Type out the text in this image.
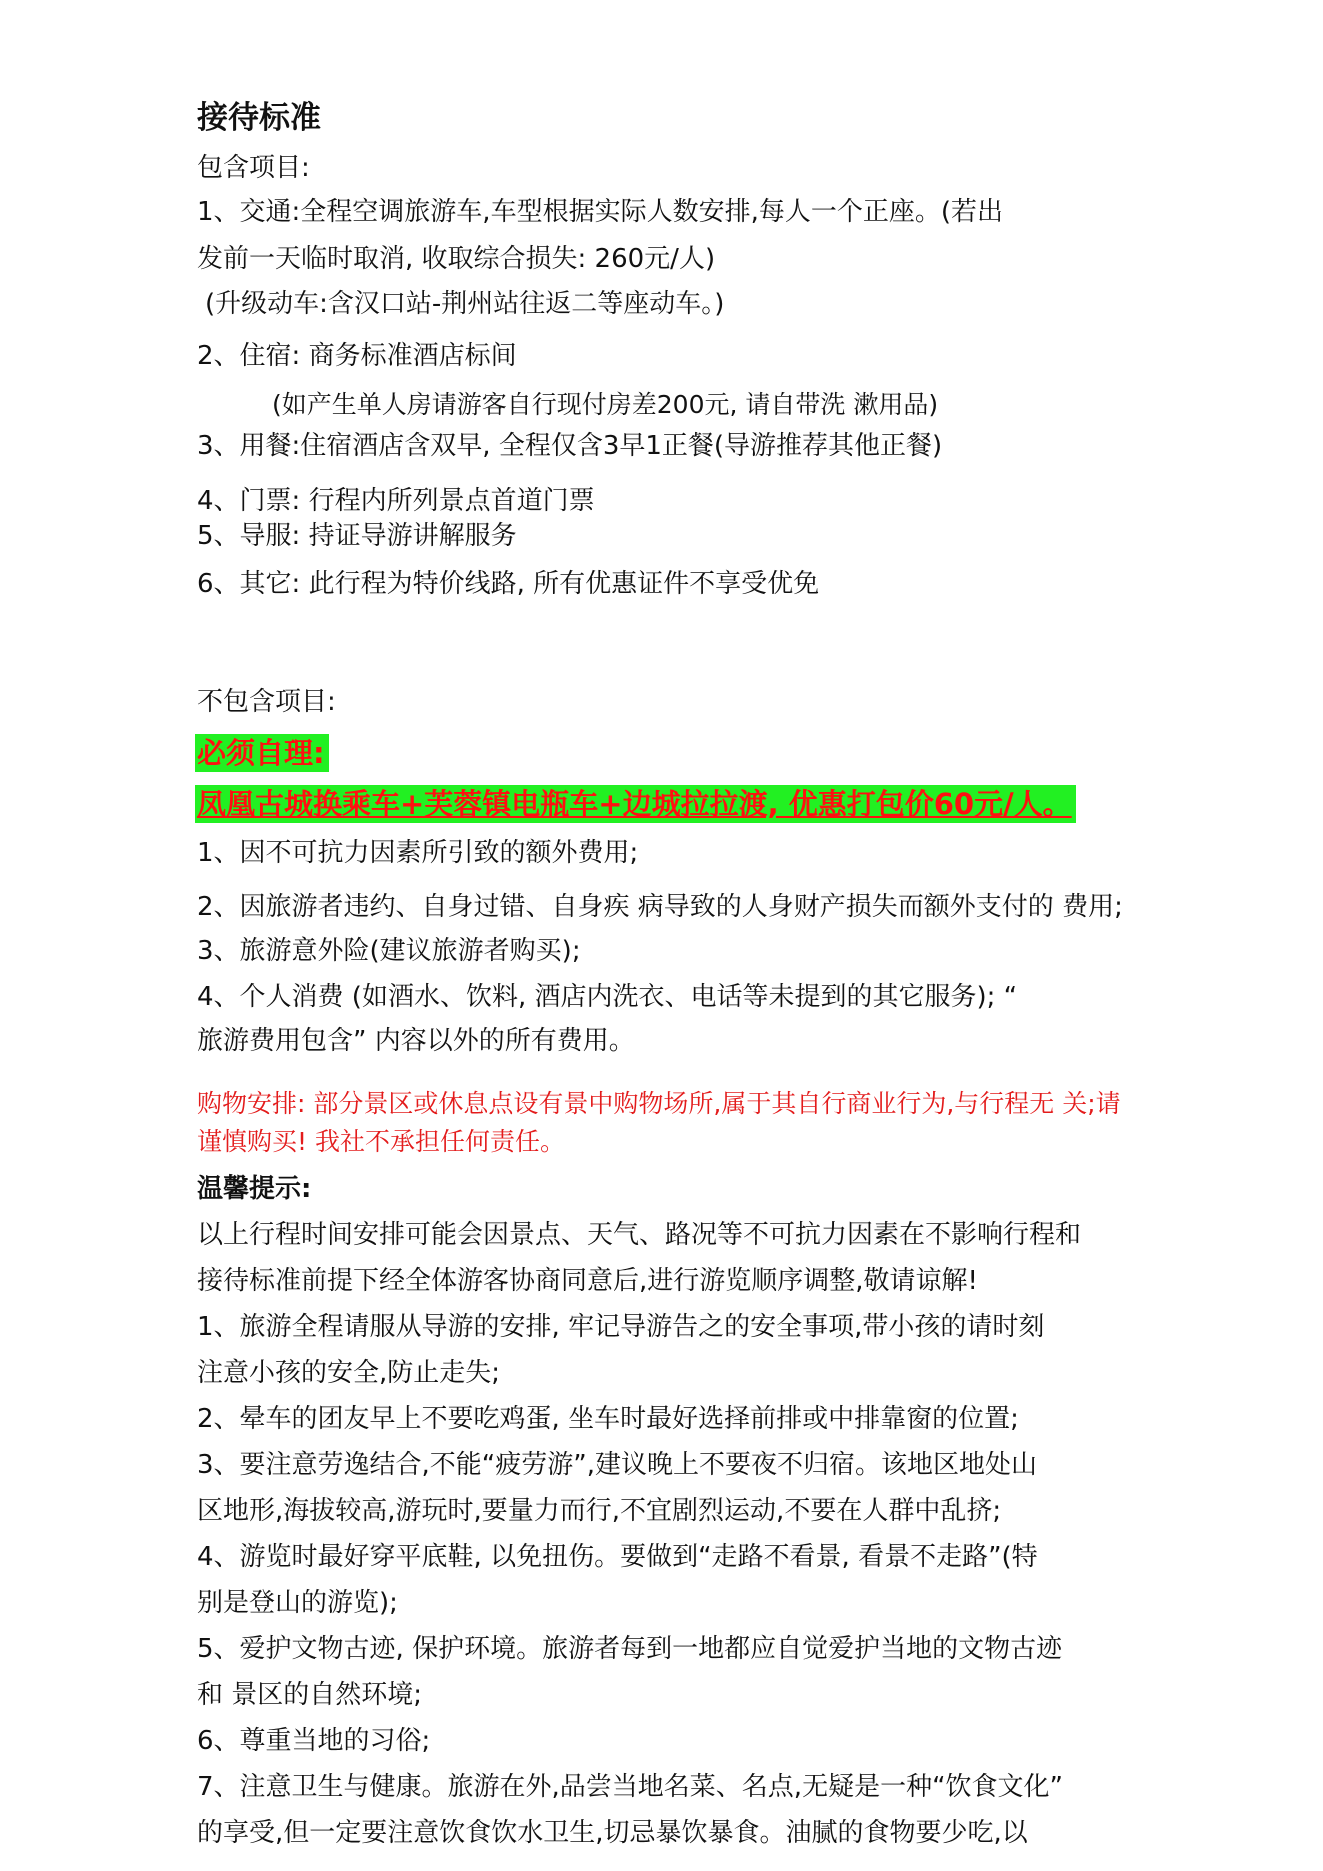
接待标准
包含项目:
1、交通:全程空调旅游车,车型根据实际人数安排,每人一个正座。(若出
发前一天临时取消, 收取综合损失: 260元/人)
(升级动车:含汉口站-荆州站往返二等座动车。)
2、住宿: 商务标准酒店标间
(如产生单人房请游客自行现付房差200元, 请自带洗 漱用品)
3、用餐:住宿酒店含双早, 全程仅含3早1正餐(导游推荐其他正餐)
4、门票: 行程内所列景点首道门票
5、导服: 持证导游讲解服务
6、其它: 此行程为特价线路, 所有优惠证件不享受优免
不包含项目:
必须自理:
凤凰古城换乘车+芙蓉镇电瓶车+边城拉拉渡, 优惠打包价60元/人。
1、因不可抗力因素所引致的额外费用;
2、因旅游者违约、自身过错、自身疾 病导致的人身财产损失而额外支付的 费用;
3、旅游意外险(建议旅游者购买);
4、个人消费 (如酒水、饮料, 酒店内洗衣、电话等未提到的其它服务); “
旅游费用包含” 内容以外的所有费用。
购物安排: 部分景区或休息点设有景中购物场所,属于其自行商业行为,与行程无 关;请
谨慎购买! 我社不承担任何责任。
温馨提示:
以上行程时间安排可能会因景点、天气、路况等不可抗力因素在不影响行程和
接待标准前提下经全体游客协商同意后,进行游览顺序调整,敬请谅解!
1、旅游全程请服从导游的安排, 牢记导游告之的安全事项,带小孩的请时刻
注意小孩的安全,防止走失;
2、晕车的团友早上不要吃鸡蛋, 坐车时最好选择前排或中排靠窗的位置;
3、要注意劳逸结合,不能“疲劳游”,建议晚上不要夜不归宿。该地区地处山
区地形,海拔较高,游玩时,要量力而行,不宜剧烈运动,不要在人群中乱挤;
4、游览时最好穿平底鞋, 以免扭伤。要做到“走路不看景, 看景不走路”(特
别是登山的游览);
5、爱护文物古迹, 保护环境。旅游者每到一地都应自觉爱护当地的文物古迹
和 景区的自然环境;
6、尊重当地的习俗;
7、注意卫生与健康。旅游在外,品尝当地名菜、名点,无疑是一种“饮食文化”
的享受,但一定要注意饮食饮水卫生,切忌暴饮暴食。油腻的食物要少吃,以
